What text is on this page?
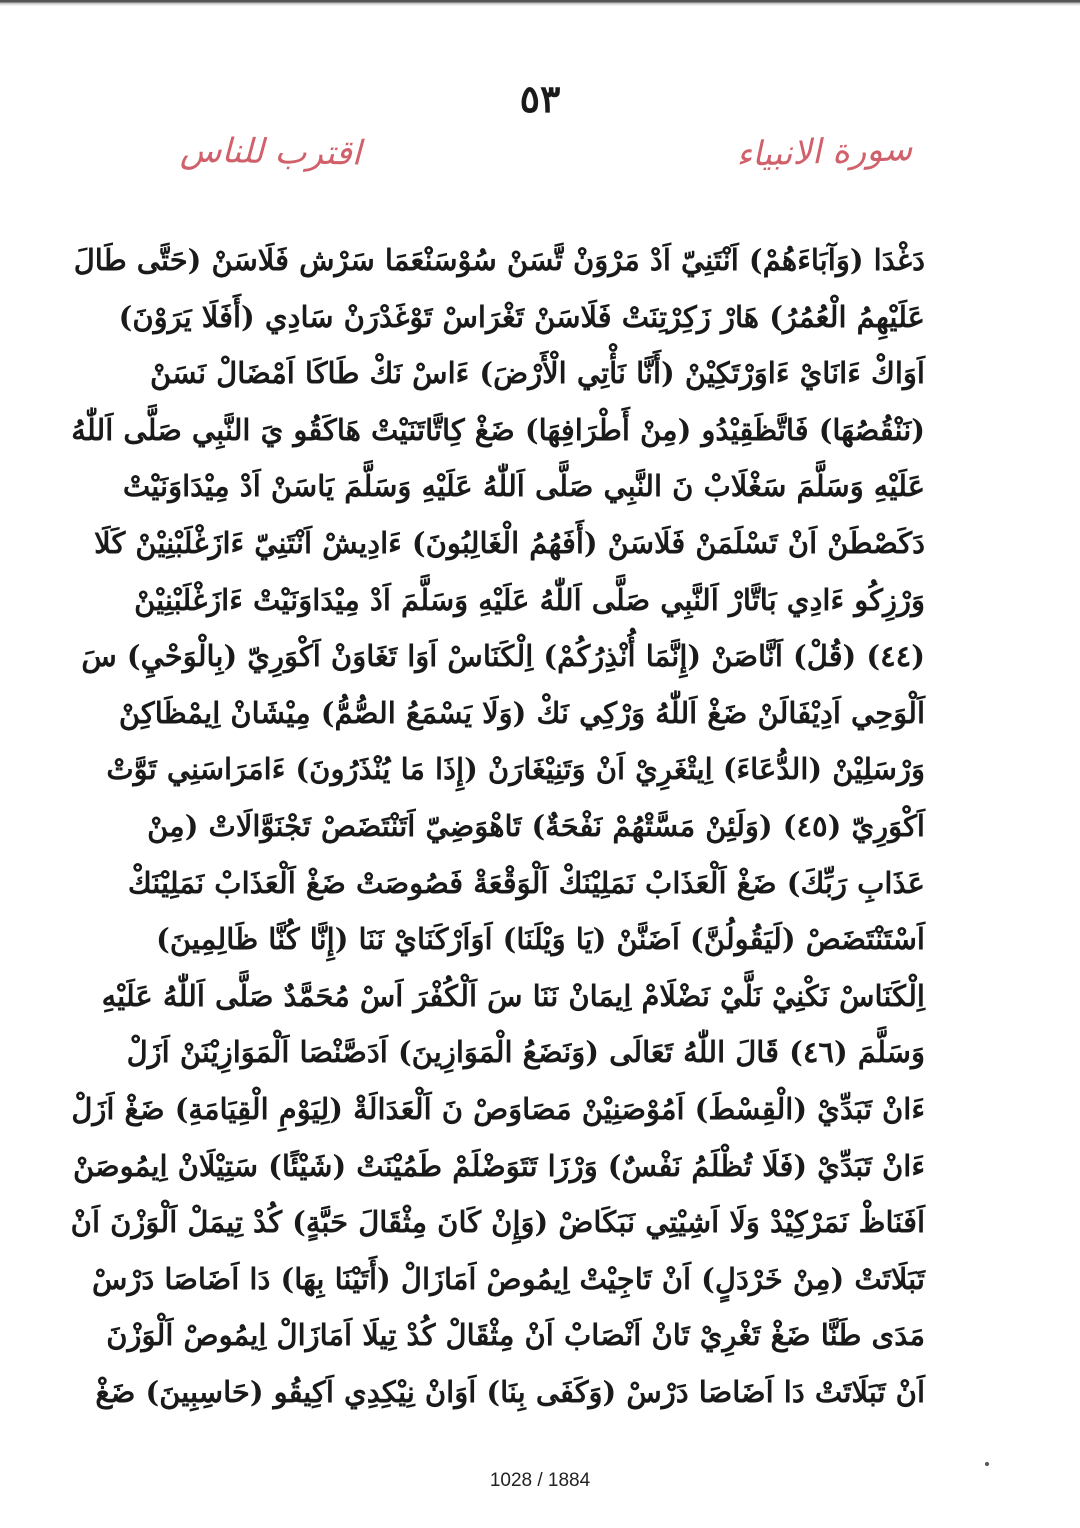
٥٣
سورة الانبياء
اقترب للناس
دَغْدَا (وَآبَاءَهُمْ) اَنْتَنِيّ اَدْ مَرْوَنْ تَّسَنْ سُوْسَنْعَمَا سَرْش فَلَاسَنْ (حَتَّى طَالَ
عَلَيْهِمُ الْعُمُرُ) هَارْ زَكِرْتِنَتْ فَلَاسَنْ تَغْرَاسْ تَوْغَدْرَنْ سَادِي (أَفَلَا يَرَوْنَ)
اَوَاكْ ءَانَايْ ءَاوَرْتَكِيْنْ (أَنَّا نَأْتِي الْأَرْضَ) ءَاسْ نَكْ طَاكَا اَمْضَالْ نَسَنْ
(نَنْقُصُهَا) فَاتَّظَقِيْدُو (مِنْ أَطْرَافِهَا) ضَغْ كِاتَّاتَنَيْتْ هَاكَقُو يَ النَّبِي صَلَّى اَللّٰهُ
عَلَيْهِ وَسَلَّمَ سَغْلَابْ نَ النَّبِي صَلَّى اَللّٰهُ عَلَيْهِ وَسَلَّمَ يَاسَنْ اَدْ مِيْدَاوَنَيْتْ
دَكَصْطَنْ اَنْ تَسْلَمَنْ فَلَاسَنْ (أَفَهُمُ الْغَالِبُونَ) ءَادِيشْ اَنْتَنِيّ ءَازَغْلَبْنِيْنْ كَلَا
وَرْزِكُو ءَادِي بَاتَّارْ اَلنَّبِي صَلَّى اَللّٰهُ عَلَيْهِ وَسَلَّمَ اَدْ مِيْدَاوَنَيْتْ ءَازَغْلَبْنِيْنْ
(٤٤) (قُلْ) اَنَّاصَنْ (إِنَّمَا أُنْذِرُكُمْ) اِلْكَنَاسْ اَوَا تَغَاوَنْ اَكْوَرِيّ (بِالْوَحْيِ) سَ
اَلْوَحِي اَدِيْفَالَنْ ضَغْ اَللّٰهُ وَرْكِي نَكْ (وَلَا يَسْمَعُ الصُّمُّ) مِيْشَانْ اِيمْظَاكِنْ
وَرْسَلِيْنْ (الدُّعَاءَ) اِيتْغَرِيْ اَنْ وَتَنِيْغَارَنْ (إِذَا مَا يُنْذَرُونَ) ءَامَرَاسَنِي تَوَّتْ
اَكْوَرِيّ (٤٥) (وَلَئِنْ مَسَّتْهُمْ نَفْحَةٌ) تَاهْوَضِيّ اَتَنْتَضَصْ تَجْنَوَّالَاتْ (مِنْ
عَذَابِ رَبِّكَ) ضَغْ اَلْعَذَابْ نَمَلِيْنَكْ اَلْوَقْعَةْ فَصُوصَتْ ضَغْ اَلْعَذَابْ نَمَلِيْنَكْ
اَسْتَنْتَضَصْ (لَيَقُولُنَّ) اَضَنَّنْ (يَا وَيْلَنَا) اَوَاَرْكَنَايْ نَنَا (إِنَّا كُنَّا ظَالِمِينَ)
اِلْكَنَاسْ نَكْنِيْ نَلَّيْ نَضْلَامْ اِيمَانْ نَنَا سَ اَلْكُفْرَ اَسْ مُحَمَّدٌ صَلَّى اَللّٰهُ عَلَيْهِ
وَسَلَّمَ (٤٦) قَالَ اللّٰهُ تَعَالَى (وَنَضَعُ الْمَوَازِينَ) اَدَصَّنْصَا اَلْمَوَازِيْنَنْ اَزَلْ
ءَانْ تَبَدِّيْ (الْقِسْطَ) اَمُوْصَنِيْنْ مَصَاوَصْ نَ اَلْعَدَالَةْ (لِيَوْمِ الْقِيَامَةِ) ضَغْ اَزَلْ
ءَانْ تَبَدِّيْ (فَلَا تُظْلَمُ نَفْسٌ) وَرْزَا تَتَوَضْلَمْ طَمُيْنَتْ (شَيْئًا) سَتِيْلَانْ اِيمُوصَنْ
اَفَنَاظْ نَمَرْكِيْدْ وَلَا اَشِيْتِي نَبَكَاضْ (وَإِنْ كَانَ مِثْقَالَ حَبَّةٍ) كُدْ تِيمَلْ اَلْوَزْنَ اَنْ
تَبَلَاتَتْ (مِنْ خَرْدَلٍ) اَنْ تَاجِيْتْ اِيمُوصْ اَمَازَالْ (أَتَيْنَا بِهَا) دَا اَضَاصَا دَرْسْ
مَدَى طَنَّا ضَغْ تَغْرِيْ تَانْ اَنْصَابْ اَنْ مِثْقَالْ كُدْ تِيلَا اَمَازَالْ اِيمُوصْ اَلْوَزْنَ
اَنْ تَبَلَاتَتْ دَا اَضَاصَا دَرْسْ (وَكَفَى بِنَا) اَوَانْ نِيْكِدِي اَكِيقُو (حَاسِبِينَ) ضَغْ
1028 / 1884
